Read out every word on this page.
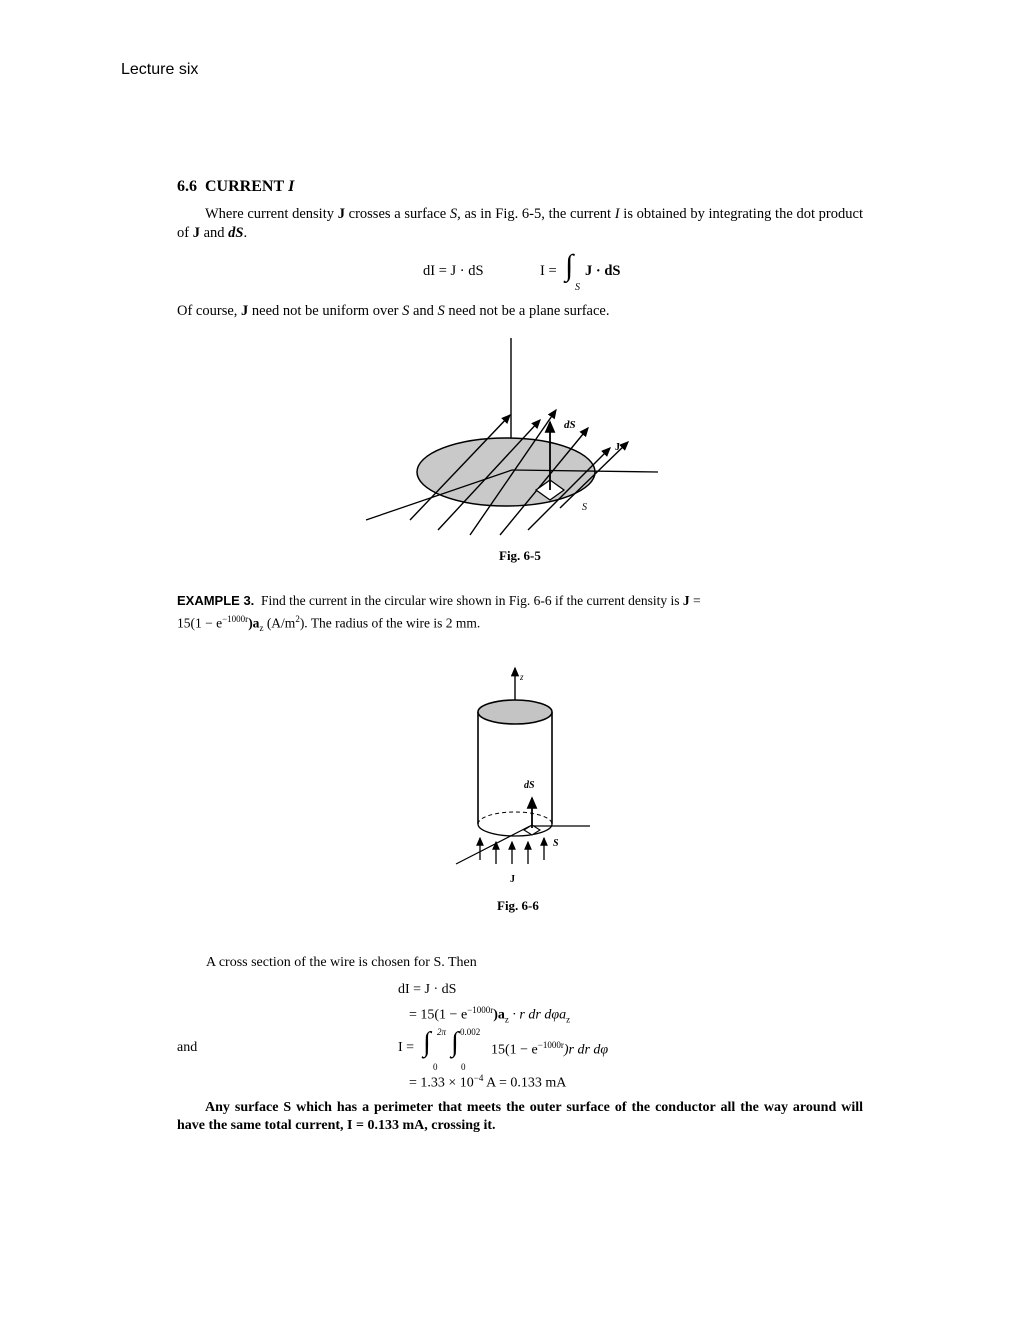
Lecture six
6.6 CURRENT I
Where current density J crosses a surface S, as in Fig. 6-5, the current I is obtained by integrating the dot product of J and dS.
dI = J · dS	I = ∫
S
J · dS
Of course, J need not be uniform over S and S need not be a plane surface.
dS
J
S
Fig. 6-5
EXAMPLE 3. Find the current in the circular wire shown in Fig. 6-6 if the current density is J =
$15(1 - e^{-1000r})a_z$ $(A/m^2)$. The radius of the wire is 2 mm.
z
dS
S
J
Fig. 6-6
A cross section of the wire is chosen for S. Then
dI = J · dS
= $15(1 - e^{-1000r})a_z \cdot r$ dr dφa$_z$
and	I = ∫ 2π
0
∫ 0.002
0
$15(1 - e^{-1000r})r$ dr dφ
= $1.33 \times 10^{-4}$ A = 0.133 mA
Any surface S which has a perimeter that meets the outer surface of the conductor all the way around will have the same total current, I = 0.133 mA, crossing it.
